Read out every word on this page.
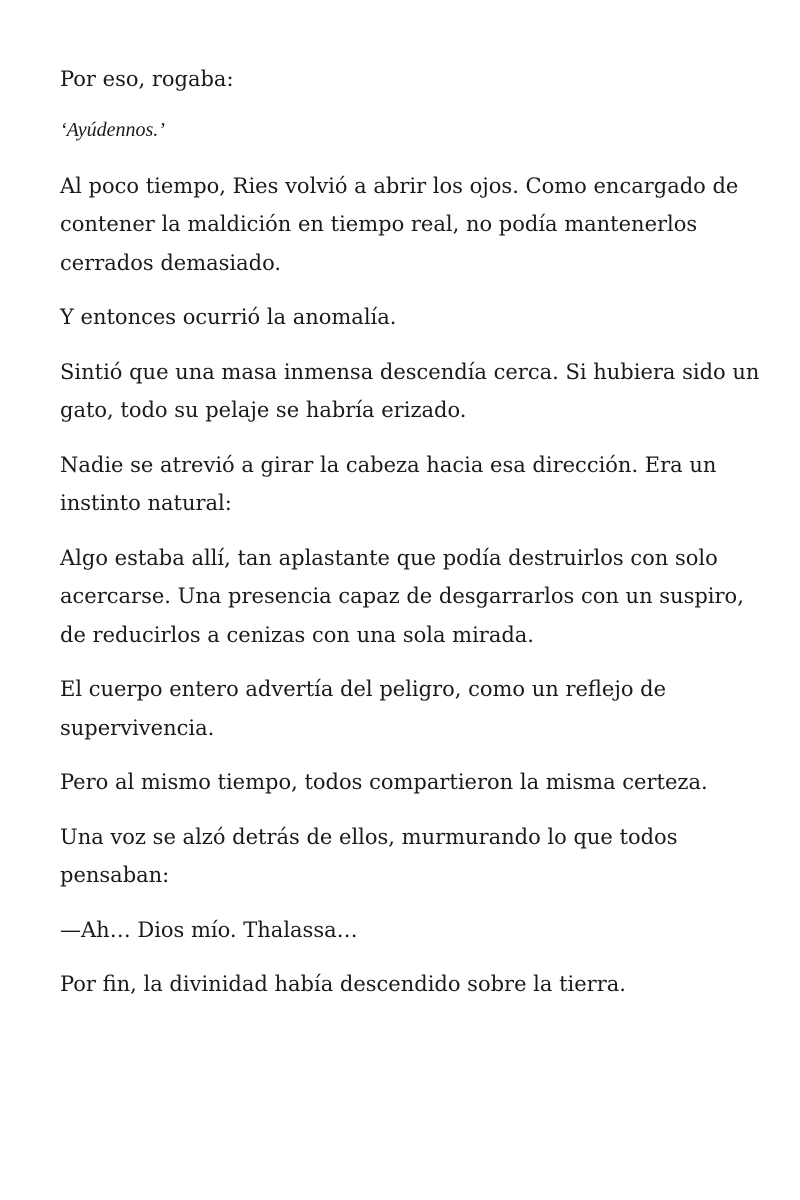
Por eso, rogaba:

‘Ayúdennos.’

Al poco tiempo, Ries volvió a abrir los ojos. Como encargado de contener la maldición en tiempo real, no podía mantenerlos cerrados demasiado.

Y entonces ocurrió la anomalía.

Sintió que una masa inmensa descendía cerca. Si hubiera sido un gato, todo su pelaje se habría erizado.

Nadie se atrevió a girar la cabeza hacia esa dirección. Era un instinto natural:

Algo estaba allí, tan aplastante que podía destruirlos con solo acercarse. Una presencia capaz de desgarrarlos con un suspiro, de reducirlos a cenizas con una sola mirada.

El cuerpo entero advertía del peligro, como un reflejo de supervivencia.

Pero al mismo tiempo, todos compartieron la misma certeza.

Una voz se alzó detrás de ellos, murmurando lo que todos pensaban:

—Ah… Dios mío. Thalassa…

Por fin, la divinidad había descendido sobre la tierra.
